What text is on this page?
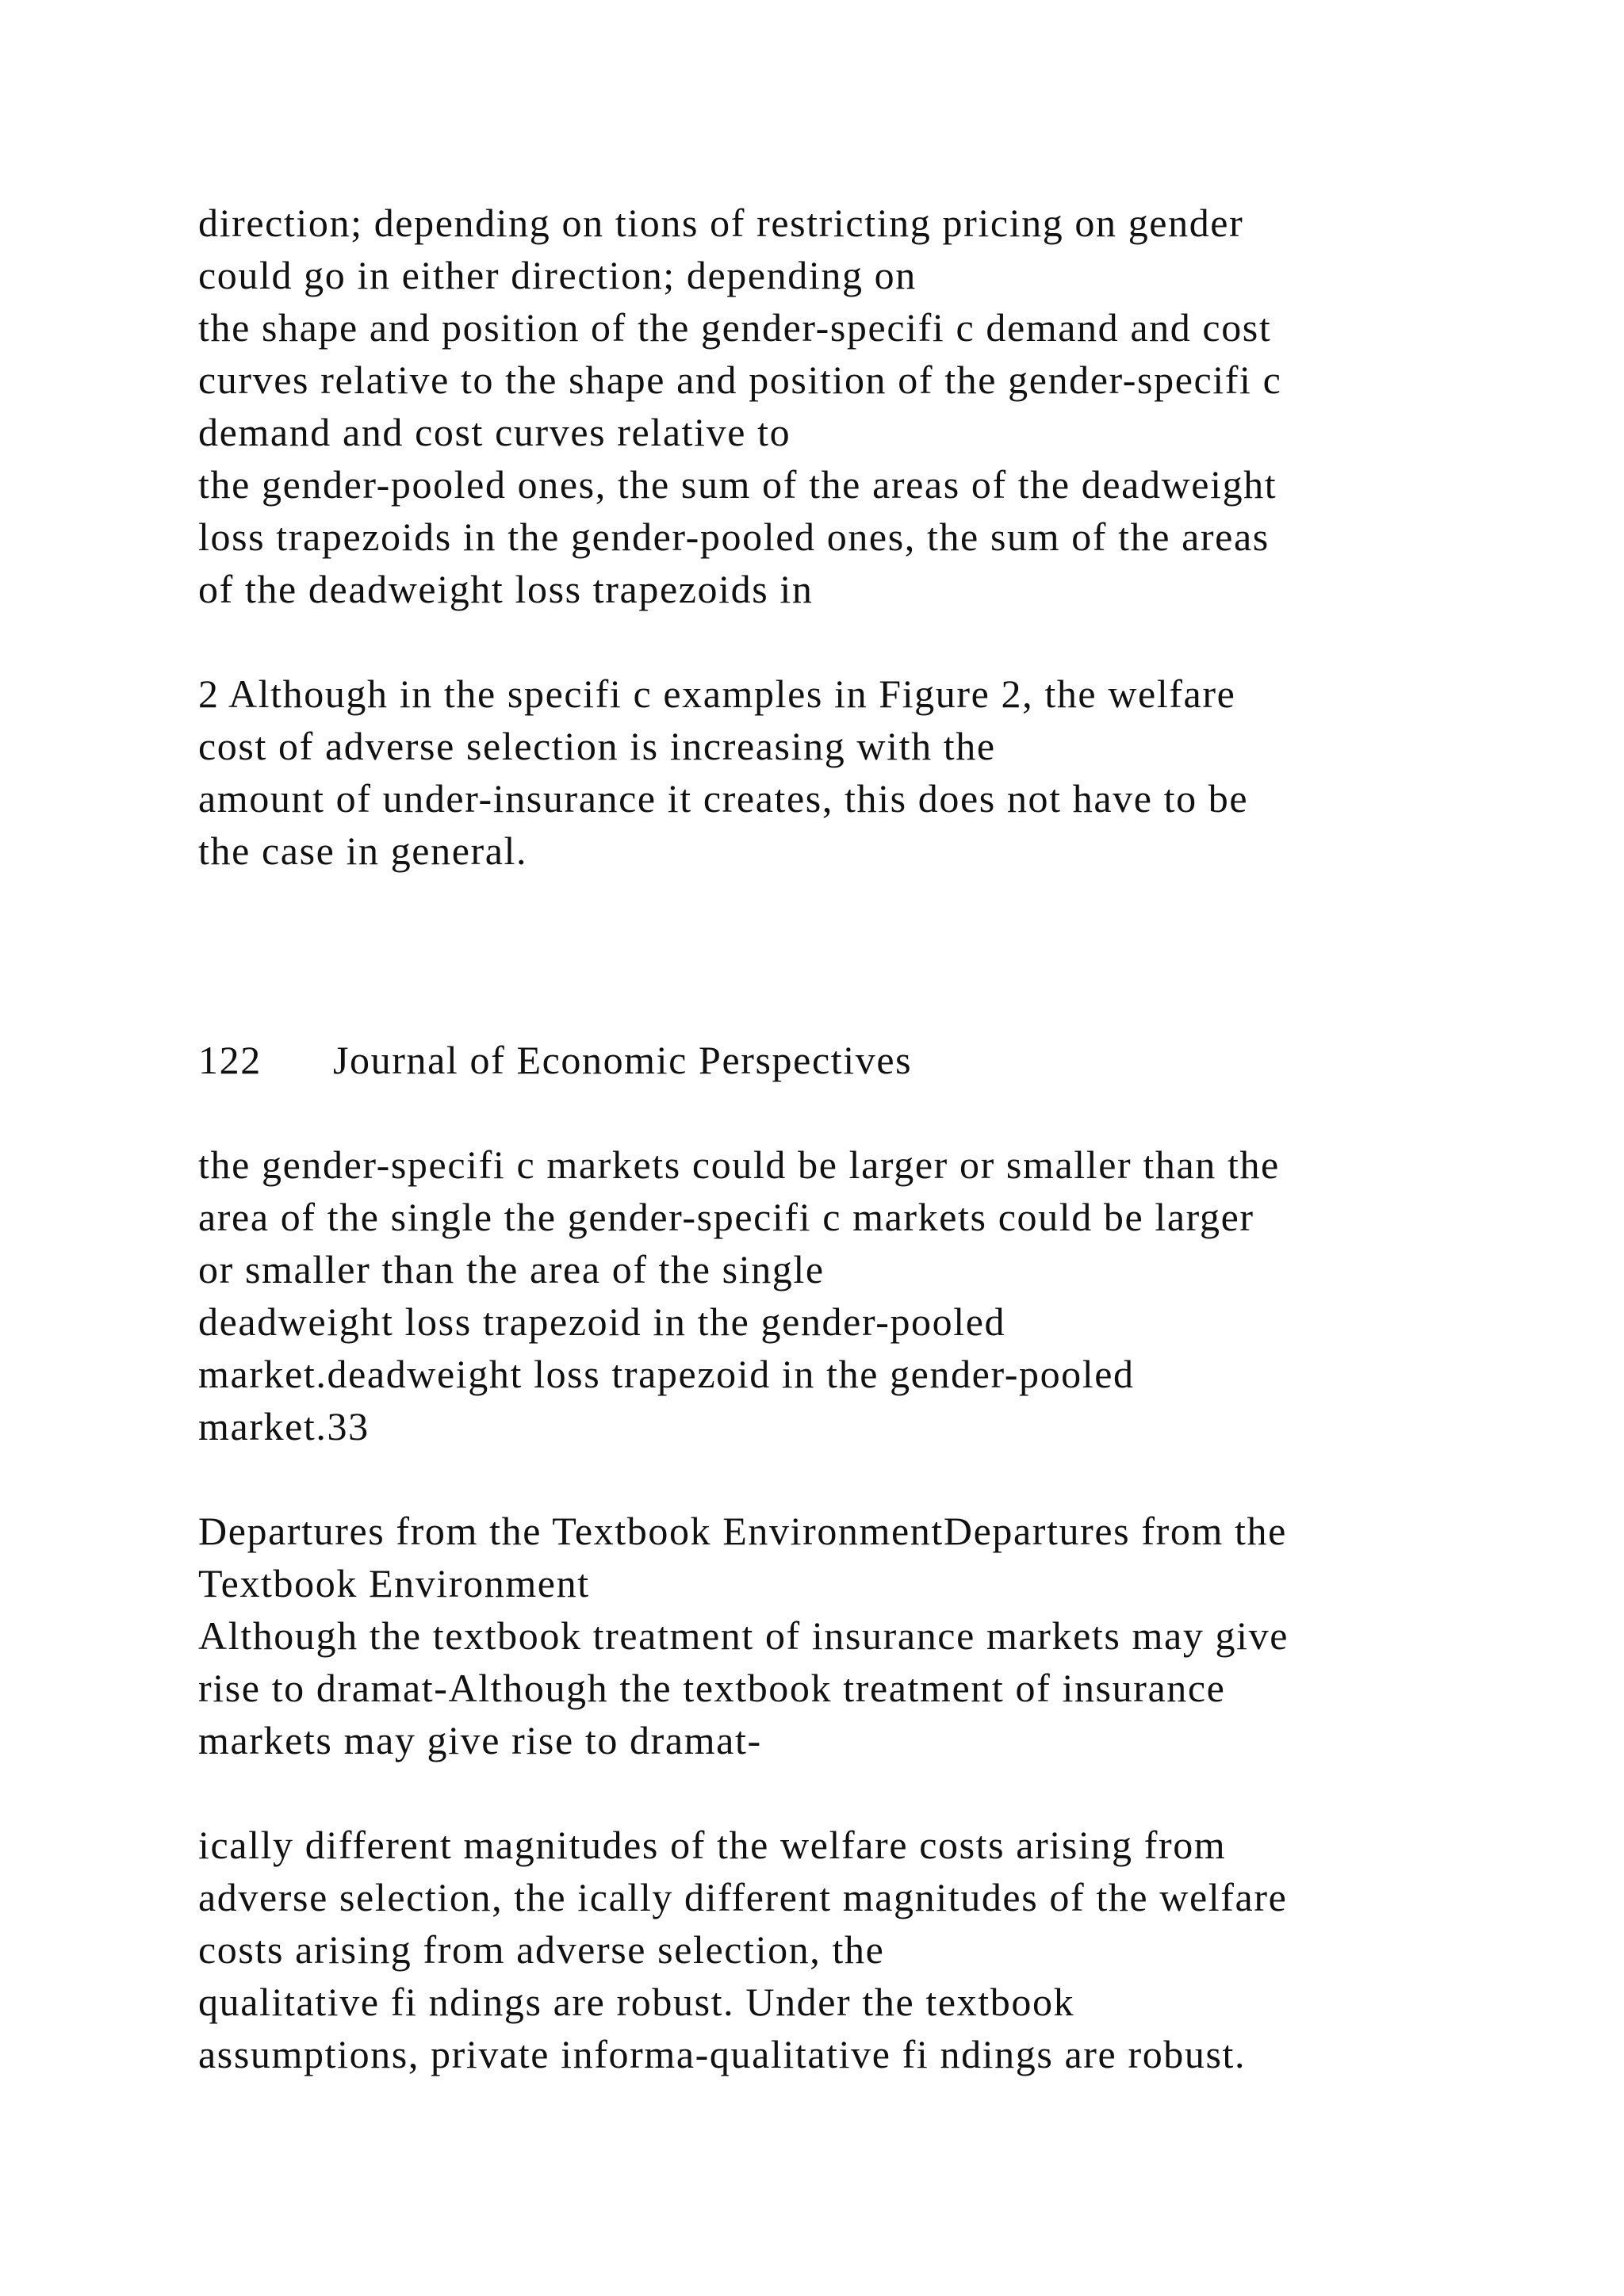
direction; depending on tions of restricting pricing on gender
could go in either direction; depending on
the shape and position of the gender-specifi c demand and cost
curves relative to the shape and position of the gender-specifi c
demand and cost curves relative to
the gender-pooled ones, the sum of the areas of the deadweight
loss trapezoids in the gender-pooled ones, the sum of the areas
of the deadweight loss trapezoids in
2 Although in the specifi c examples in Figure 2, the welfare
cost of adverse selection is increasing with the
amount of under-insurance it creates, this does not have to be
the case in general.
122 Journal of Economic Perspectives
the gender-specifi c markets could be larger or smaller than the
area of the single the gender-specifi c markets could be larger
or smaller than the area of the single
deadweight loss trapezoid in the gender-pooled
market.deadweight loss trapezoid in the gender-pooled
market.33
Departures from the Textbook EnvironmentDepartures from the
Textbook Environment
Although the textbook treatment of insurance markets may give
rise to dramat-Although the textbook treatment of insurance
markets may give rise to dramat-
ically different magnitudes of the welfare costs arising from
adverse selection, the ically different magnitudes of the welfare
costs arising from adverse selection, the
qualitative fi ndings are robust. Under the textbook
assumptions, private informa-qualitative fi ndings are robust.
